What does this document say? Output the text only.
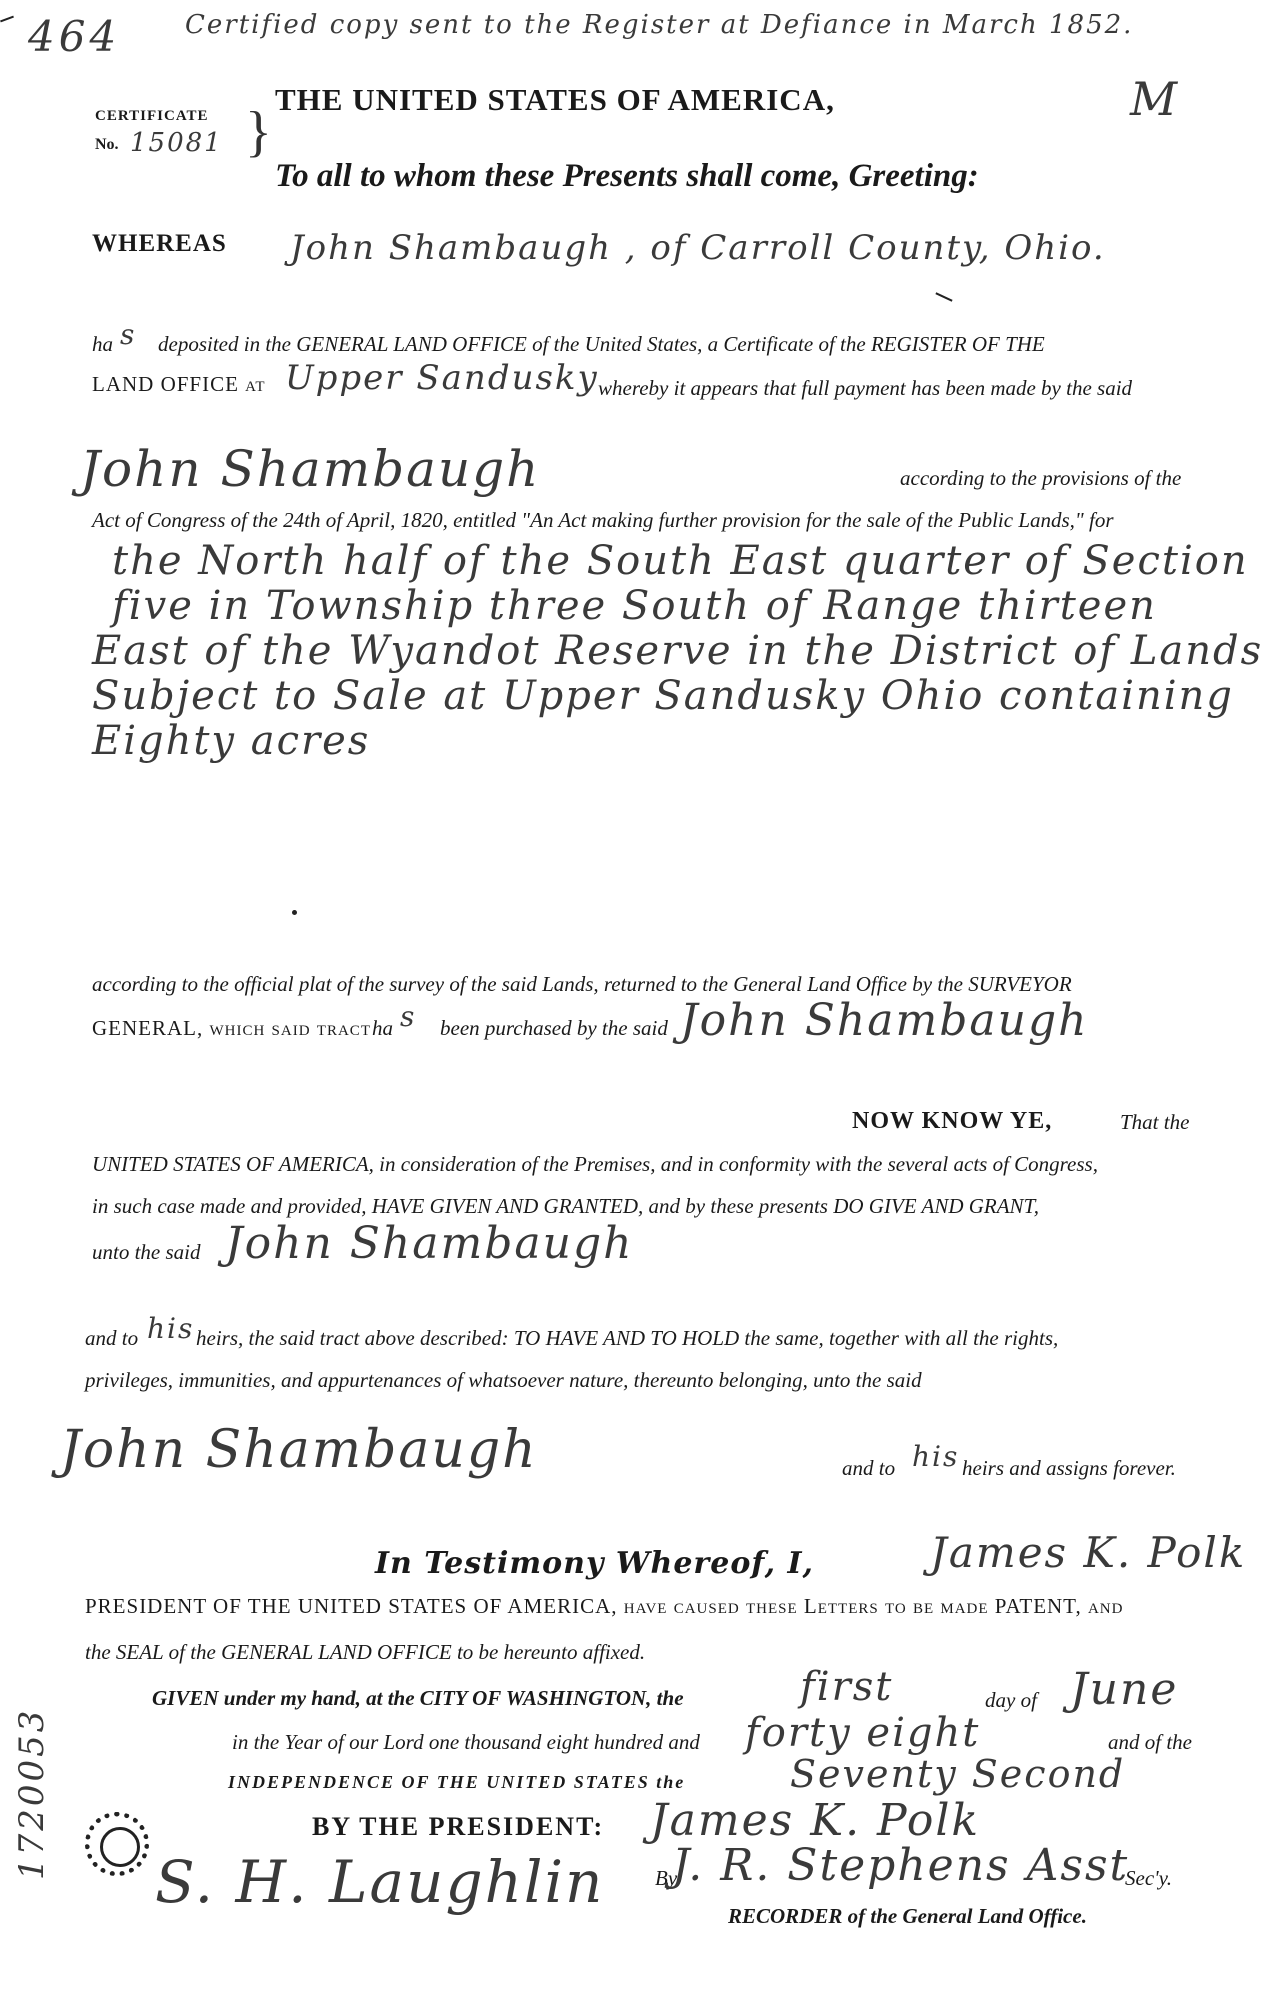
464 Certified copy sent to the Register at Defiance in March 1852.
M
CERTIFICATE
No. 15081 }
THE UNITED STATES OF AMERICA,
To all to whom these Presents shall come, Greeting:
WHEREAS John Shambaugh , of Carroll County, Ohio.
ha s deposited in the GENERAL LAND OFFICE of the United States, a Certificate of the REGISTER OF THE
LAND OFFICE at Upper Sandusky whereby it appears that full payment has been made by the said
John Shambaugh	according to the provisions of the
Act of Congress of the 24th of April, 1820, entitled "An Act making further provision for the sale of the Public Lands," for
the North half of the South East quarter of Section
five in Township three South of Range thirteen
East of the Wyandot Reserve in the District of Lands
Subject to Sale at Upper Sandusky Ohio containing
Eighty acres
according to the official plat of the survey of the said Lands, returned to the General Land Office by the SURVEYOR
GENERAL, which said tract ha s been purchased by the said John Shambaugh
NOW KNOW YE,	That the
UNITED STATES OF AMERICA, in consideration of the Premises, and in conformity with the several acts of Congress,
in such case made and provided, HAVE GIVEN AND GRANTED, and by these presents DO GIVE AND GRANT,
unto the said John Shambaugh
and to his heirs, the said tract above described: TO HAVE AND TO HOLD the same, together with all the rights,
privileges, immunities, and appurtenances of whatsoever nature, thereunto belonging, unto the said
John Shambaugh	and to his heirs and assigns forever.
In Testimony Whereof, I,	James K. Polk
PRESIDENT OF THE UNITED STATES OF AMERICA, have caused these Letters to be made PATENT, and
the SEAL of the GENERAL LAND OFFICE to be hereunto affixed.
GIVEN under my hand, at the CITY OF WASHINGTON, the	first	day of June
in the Year of our Lord one thousand eight hundred and forty eight	and of the
INDEPENDENCE OF THE UNITED STATES the	Seventy Second
BY THE PRESIDENT: James K. Polk
S. H. Laughlin By
J. R. Stephens Asst
Sec'y.
RECORDER of the General Land Office.
1720053
